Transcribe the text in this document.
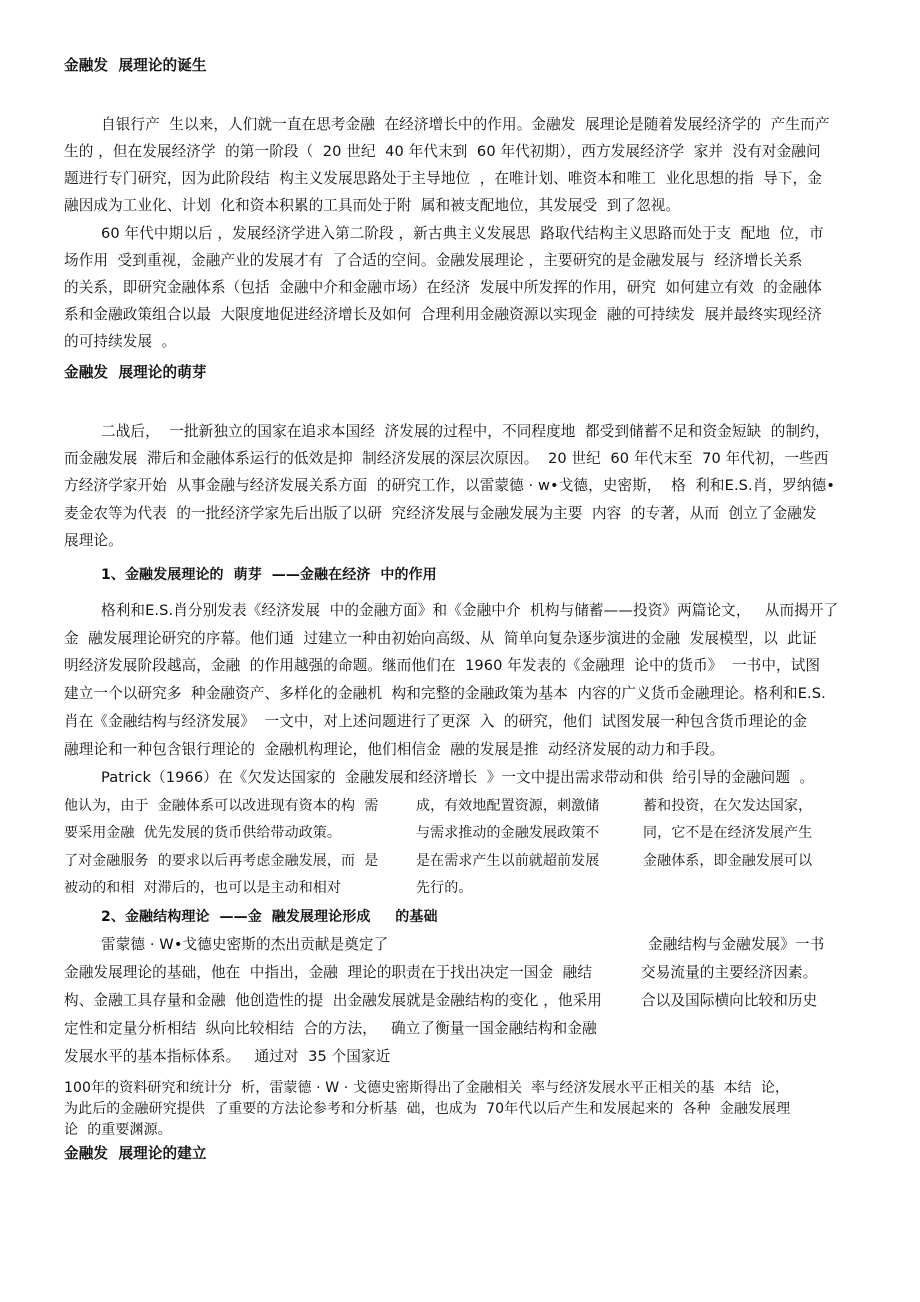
金融发  展理论的诞生
自银行产  生以来，人们就一直在思考金融  在经济增长中的作用。金融发  展理论是随着发展经济学的  产生而产
生的 ，但在发展经济学  的第一阶段（  20 世纪  40 年代末到  60 年代初期），西方发展经济学  家并  没有对金融问
题进行专门研究，因为此阶段结  构主义发展思路处于主导地位  ，在唯计划、唯资本和唯工  业化思想的指  导下，金
融因成为工业化、计划  化和资本积累的工具而处于附  属和被支配地位，其发展受  到了忽视。
60 年代中期以后 ，发展经济学进入第二阶段 ，新古典主义发展思  路取代结构主义思路而处于支  配地  位，市
场作用  受到重视，金融产业的发展才有  了合适的空间。金融发展理论 ，主要研究的是金融发展与  经济增长关系
的关系，即研究金融体系（包括  金融中介和金融市场）在经济  发展中所发挥的作用，研究  如何建立有效  的金融体
系和金融政策组合以最  大限度地促进经济增长及如何  合理利用金融资源以实现金  融的可持续发  展并最终实现经济
的可持续发展  。
金融发  展理论的萌芽
二战后，  一批新独立的国家在追求本国经  济发展的过程中，不同程度地  都受到储蓄不足和资金短缺  的制约，
而金融发展  滞后和金融体系运行的低效是抑  制经济发展的深层次原因。  20 世纪  60 年代末至  70 年代初，一些西
方经济学家开始  从事金融与经济发展关系方面  的研究工作，以雷蒙德 · w•戈德，史密斯，  格  利和E.S.肖，罗纳德•
麦金农等为代表  的一批经济学家先后出版了以研  究经济发展与金融发展为主要  内容  的专著，从而  创立了金融发
展理论。
1、金融发展理论的  萌芽  ——金融在经济  中的作用
格利和E.S.肖分别发表《经济发展  中的金融方面》和《金融中介  机构与储蓄——投资》两篇论文，   从而揭开了
金  融发展理论研究的序幕。他们通  过建立一种由初始向高级、从  简单向复杂逐步演进的金融  发展模型，以  此证
明经济发展阶段越高，金融  的作用越强的命题。继而他们在  1960 年发表的《金融理  论中的货币》  一书中，试图
建立一个以研究多  种金融资产、多样化的金融机  构和完整的金融政策为基本  内容的广义货币金融理论。格利和E.S.
肖在《金融结构与经济发展》  一文中，对上述问题进行了更深  入  的研究，他们  试图发展一种包含货币理论的金
融理论和一种包含银行理论的  金融机构理论，他们相信金  融的发展是推  动经济发展的动力和手段。
Patrick（1966）在《欠发达国家的  金融发展和经济增长  》一文中提出需求带动和供  给引导的金融问题  。
他认为，由于  金融体系可以改进现有资本的构  需
要采用金融  优先发展的货币供给带动政策。
了对金融服务  的要求以后再考虑金融发展，而  是
被动的和相  对滞后的，也可以是主动和相对
成，有效地配置资源，刺激储
与需求推动的金融发展政策不
是在需求产生以前就超前发展
先行的。
蓄和投资，在欠发达国家，
同，它不是在经济发展产生
金融体系，即金融发展可以
2、金融结构理论  ——金  融发展理论形成     的基础
雷蒙德 · W•戈德史密斯的杰出贡献是奠定了
金融发展理论的基础，他在  中指出，金融  理论的职责在于找出决定一国金  融结
构、金融工具存量和金融  他创造性的提  出金融发展就是金融结构的变化 ，他采用
定性和定量分析相结  纵向比较相结  合的方法，   确立了衡量一国金融结构和金融
发展水平的基本指标体系。   通过对  35 个国家近
金融结构与金融发展》一书
交易流量的主要经济因素。
合以及国际横向比较和历史
100年的资料研究和统计分  析，雷蒙德 · W · 戈德史密斯得出了金融相关  率与经济发展水平正相关的基  本结  论，
为此后的金融研究提供  了重要的方法论参考和分析基  础，也成为  70年代以后产生和发展起来的  各种  金融发展理
论  的重要渊源。
金融发  展理论的建立
